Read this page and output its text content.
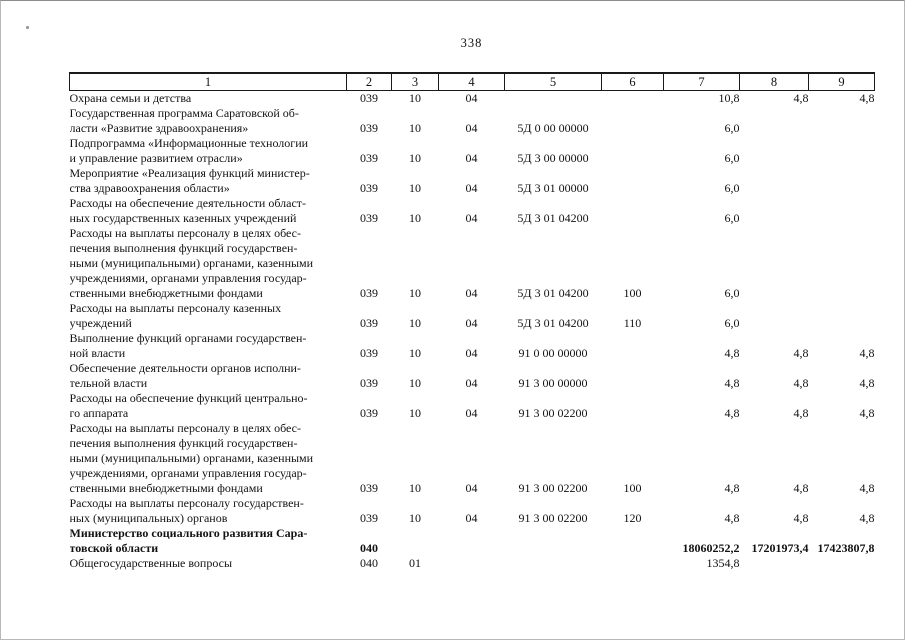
338
1	2	3	4	5	6	7	8	9

Охрана семьи и детства	039	10	04			10,8	4,8	4,8

Государственная программа Саратовской об-
ласти «Развитие здравоохранения»	039	10	04	5Д 0 00 00000		6,0		

Подпрограмма «Информационные технологии
и управление развитием отрасли»	039	10	04	5Д 3 00 00000		6,0		

Мероприятие «Реализация функций министер-
ства здравоохранения области»	039	10	04	5Д 3 01 00000		6,0		

Расходы на обеспечение деятельности област-
ных государственных казенных учреждений	039	10	04	5Д 3 01 04200		6,0		

Расходы на выплаты персоналу в целях обес-
печения выполнения функций государствен-
ными (муниципальными) органами, казенными
учреждениями, органами управления государ-
ственными внебюджетными фондами	039	10	04	5Д 3 01 04200	100	6,0		

Расходы на выплаты персоналу казенных
учреждений	039	10	04	5Д 3 01 04200	110	6,0		

Выполнение функций органами государствен-
ной власти	039	10	04	91 0 00 00000		4,8	4,8	4,8

Обеспечение деятельности органов исполни-
тельной власти	039	10	04	91 3 00 00000		4,8	4,8	4,8

Расходы на обеспечение функций центрально-
го аппарата	039	10	04	91 3 00 02200		4,8	4,8	4,8

Расходы на выплаты персоналу в целях обес-
печения выполнения функций государствен-
ными (муниципальными) органами, казенными
учреждениями, органами управления государ-
ственными внебюджетными фондами	039	10	04	91 3 00 02200	100	4,8	4,8	4,8

Расходы на выплаты персоналу государствен-
ных (муниципальных) органов	039	10	04	91 3 00 02200	120	4,8	4,8	4,8

Министерство социального развития Сара-
товской области	040					18060252,2	17201973,4	17423807,8

Общегосударственные вопросы	040	01				1354,8		
